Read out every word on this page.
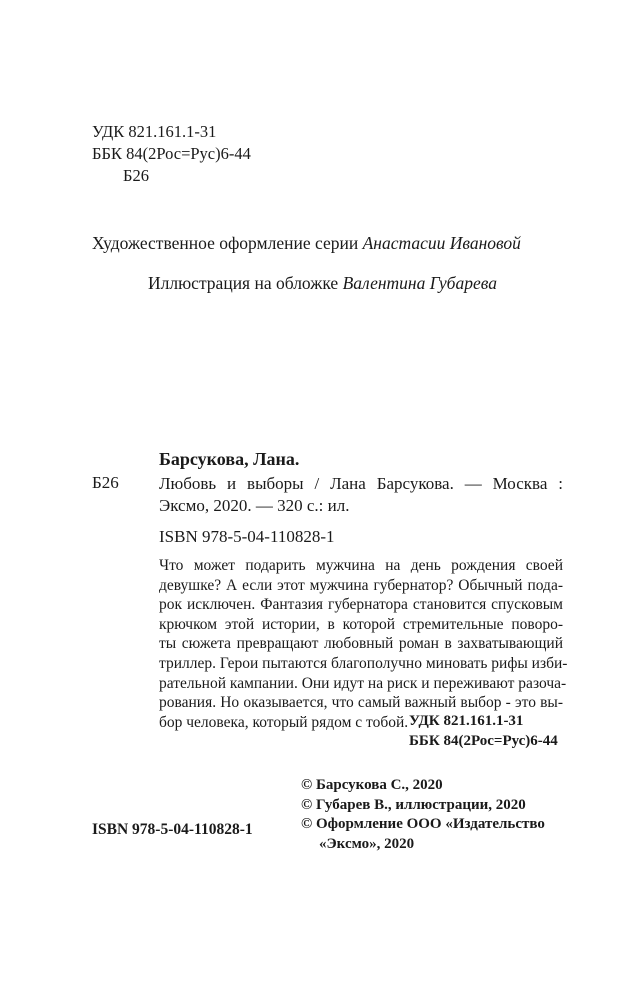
УДК 821.161.1-31
ББК 84(2Рос=Рус)6-44
Б26
Художественное оформление серии Анастасии Ивановой
Иллюстрация на обложке Валентина Губарева
Барсукова, Лана.
Б26 Любовь и выборы / Лана Барсукова. — Москва : Эксмо, 2020. — 320 с.: ил.
ISBN 978-5-04-110828-1
Что может подарить мужчина на день рождения своей
девушке? А если этот мужчина губернатор? Обычный пода-
рок исключен. Фантазия губернатора становится спусковым
крючком этой истории, в которой стремительные поворо-
ты сюжета превращают любовный роман в захватывающий
триллер. Герои пытаются благополучно миновать рифы изби-
рательной кампании. Они идут на риск и переживают разоча-
рования. Но оказывается, что самый важный выбор - это вы-
бор человека, который рядом с тобой. УДК 821.161.1-31
ББК 84(2Рос=Рус)6-44
© Барсукова С., 2020
© Губарев В., иллюстрации, 2020
© Оформление ООО «Издательство
«Эксмо», 2020
ISBN 978-5-04-110828-1
